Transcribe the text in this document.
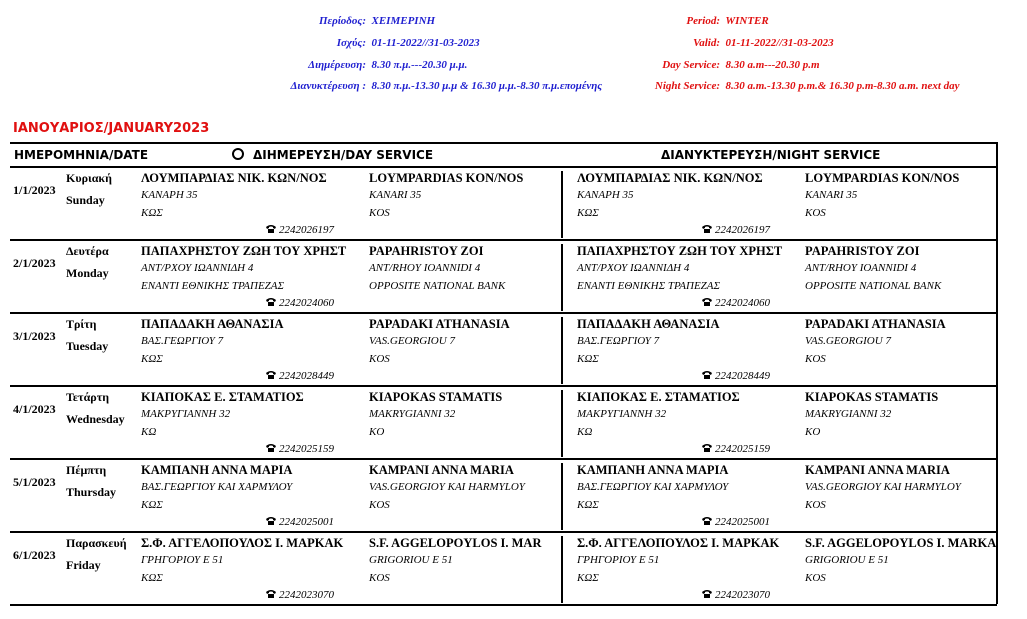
Περίοδος: ΧΕΙΜΕΡΙΝΗ
Ισχύς: 01-11-2022//31-03-2023
Διημέρευση: 8.30 π.μ.---20.30 μ.μ.
Διανυκτέρευση : 8.30 π.μ.-13.30 μ.μ & 16.30 μ.μ.-8.30 π.μ.επομένης
Period: WINTER
Valid: 01-11-2022//31-03-2023
Day Service: 8.30 a.m---20.30 p.m
Night Service: 8.30 a.m.-13.30 p.m.& 16.30 p.m-8.30 a.m. next day
ΙΑΝΟΥΑΡΙΟΣ/JANUARY2023
ΗΜΕΡΟΜΗΝΙΑ/DATE	ΔΙΗΜΕΡΕΥΣΗ/DAY SERVICE	ΔΙΑΝΥΚΤΕΡΕΥΣΗ/NIGHT SERVICE
1/1/2023
Κυριακή
Sunday
ΛΟΥΜΠΑΡΔΙΑΣ ΝΙΚ. ΚΩΝ/ΝΟΣ
ΚΑΝΑΡΗ 35
ΚΩΣ
2242026197
LOYMPARDIAS KON/NOS
KANARI 35
KOS
ΛΟΥΜΠΑΡΔΙΑΣ ΝΙΚ. ΚΩΝ/ΝΟΣ
ΚΑΝΑΡΗ 35
ΚΩΣ
2242026197
LOYMPARDIAS KON/NOS
KANARI 35
KOS
2/1/2023
Δευτέρα
Monday
ΠΑΠΑΧΡΗΣΤΟΥ ΖΩΗ ΤΟΥ ΧΡΗΣΤ
ΑΝΤ/ΡΧΟΥ ΙΩΑΝΝΙΔΗ 4
ΕΝΑΝΤΙ ΕΘΝΙΚΗΣ ΤΡΑΠΕΖΑΣ
2242024060
PAPAHRISTOY ZOI
ANT/RHOY IOANNIDI 4
OPPOSITE NATIONAL BANK
ΠΑΠΑΧΡΗΣΤΟΥ ΖΩΗ ΤΟΥ ΧΡΗΣΤ
ΑΝΤ/ΡΧΟΥ ΙΩΑΝΝΙΔΗ 4
ΕΝΑΝΤΙ ΕΘΝΙΚΗΣ ΤΡΑΠΕΖΑΣ
2242024060
PAPAHRISTOY ZOI
ANT/RHOY IOANNIDI 4
OPPOSITE NATIONAL BANK
3/1/2023
Τρίτη
Tuesday
ΠΑΠΑΔΑΚΗ ΑΘΑΝΑΣΙΑ
ΒΑΣ.ΓΕΩΡΓΙΟΥ 7
ΚΩΣ
2242028449
PAPADAKI ATHANASIA
VAS.GEORGIOU 7
KOS
ΠΑΠΑΔΑΚΗ ΑΘΑΝΑΣΙΑ
ΒΑΣ.ΓΕΩΡΓΙΟΥ 7
ΚΩΣ
2242028449
PAPADAKI ATHANASIA
VAS.GEORGIOU 7
KOS
4/1/2023
Τετάρτη
Wednesday
ΚΙΑΠΟΚΑΣ Ε. ΣΤΑΜΑΤΙΟΣ
ΜΑΚΡΥΓΙΑΝΝΗ 32
ΚΩ
2242025159
KIAPOKAS STAMATIS
MAKRYGIANNI 32
KO
ΚΙΑΠΟΚΑΣ Ε. ΣΤΑΜΑΤΙΟΣ
ΜΑΚΡΥΓΙΑΝΝΗ 32
ΚΩ
2242025159
KIAPOKAS STAMATIS
MAKRYGIANNI 32
KO
5/1/2023
Πέμπτη
Thursday
ΚΑΜΠΑΝΗ ΑΝΝΑ ΜΑΡΙΑ
ΒΑΣ.ΓΕΩΡΓΙΟΥ ΚΑΙ ΧΑΡΜΥΛΟΥ
ΚΩΣ
2242025001
KAMPANI ANNA MARIA
VAS.GEORGIOY KAI HARMYLOY
KOS
ΚΑΜΠΑΝΗ ΑΝΝΑ ΜΑΡΙΑ
ΒΑΣ.ΓΕΩΡΓΙΟΥ ΚΑΙ ΧΑΡΜΥΛΟΥ
ΚΩΣ
2242025001
KAMPANI ANNA MARIA
VAS.GEORGIOY KAI HARMYLOY
KOS
6/1/2023
Παρασκευή
Friday
Σ.Φ. ΑΓΓΕΛΟΠΟΥΛΟΣ Ι. ΜΑΡΚΑΚ
ΓΡΗΓΟΡΙΟΥ Ε 51
ΚΩΣ
2242023070
S.F. AGGELOPOYLOS I. MAR
GRIGORIOU E 51
KOS
Σ.Φ. ΑΓΓΕΛΟΠΟΥΛΟΣ Ι. ΜΑΡΚΑΚ
ΓΡΗΓΟΡΙΟΥ Ε 51
ΚΩΣ
2242023070
S.F. AGGELOPOYLOS I. MARKA
GRIGORIOU E 51
KOS
